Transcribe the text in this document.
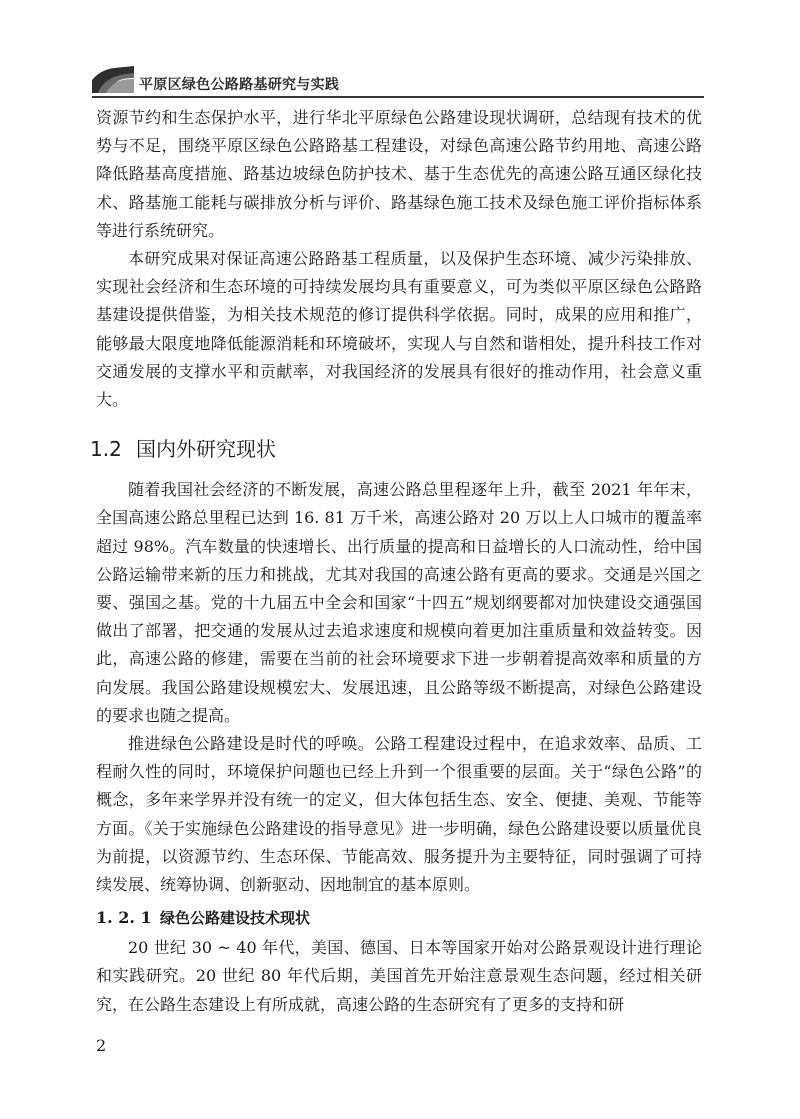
平原区绿色公路路基研究与实践

资源节约和生态保护水平，进行华北平原绿色公路建设现状调研，总结现有技术的优势与不足，围绕平原区绿色公路路基工程建设，对绿色高速公路节约用地、高速公路降低路基高度措施、路基边坡绿色防护技术、基于生态优先的高速公路互通区绿化技术、路基施工能耗与碳排放分析与评价、路基绿色施工技术及绿色施工评价指标体系等进行系统研究。

本研究成果对保证高速公路路基工程质量，以及保护生态环境、减少污染排放、实现社会经济和生态环境的可持续发展均具有重要意义，可为类似平原区绿色公路路基建设提供借鉴，为相关技术规范的修订提供科学依据。同时，成果的应用和推广，能够最大限度地降低能源消耗和环境破坏，实现人与自然和谐相处，提升科技工作对交通发展的支撑水平和贡献率，对我国经济的发展具有很好的推动作用，社会意义重大。

1.2 国内外研究现状

随着我国社会经济的不断发展，高速公路总里程逐年上升，截至 2021 年年末，全国高速公路总里程已达到 16. 81 万千米，高速公路对 20 万以上人口城市的覆盖率超过 98%。汽车数量的快速增长、出行质量的提高和日益增长的人口流动性，给中国公路运输带来新的压力和挑战，尤其对我国的高速公路有更高的要求。交通是兴国之要、强国之基。党的十九届五中全会和国家“十四五”规划纲要都对加快建设交通强国做出了部署，把交通的发展从过去追求速度和规模向着更加注重质量和效益转变。因此，高速公路的修建，需要在当前的社会环境要求下进一步朝着提高效率和质量的方向发展。我国公路建设规模宏大、发展迅速，且公路等级不断提高，对绿色公路建设的要求也随之提高。

推进绿色公路建设是时代的呼唤。公路工程建设过程中，在追求效率、品质、工程耐久性的同时，环境保护问题也已经上升到一个很重要的层面。关于“绿色公路”的概念，多年来学界并没有统一的定义，但大体包括生态、安全、便捷、美观、节能等方面。《关于实施绿色公路建设的指导意见》进一步明确，绿色公路建设要以质量优良为前提，以资源节约、生态环保、节能高效、服务提升为主要特征，同时强调了可持续发展、统筹协调、创新驱动、因地制宜的基本原则。

1. 2. 1 绿色公路建设技术现状

20 世纪 30 ~ 40 年代，美国、德国、日本等国家开始对公路景观设计进行理论和实践研究。20 世纪 80 年代后期，美国首先开始注意景观生态问题，经过相关研究，在公路生态建设上有所成就，高速公路的生态研究有了更多的支持和研

2
